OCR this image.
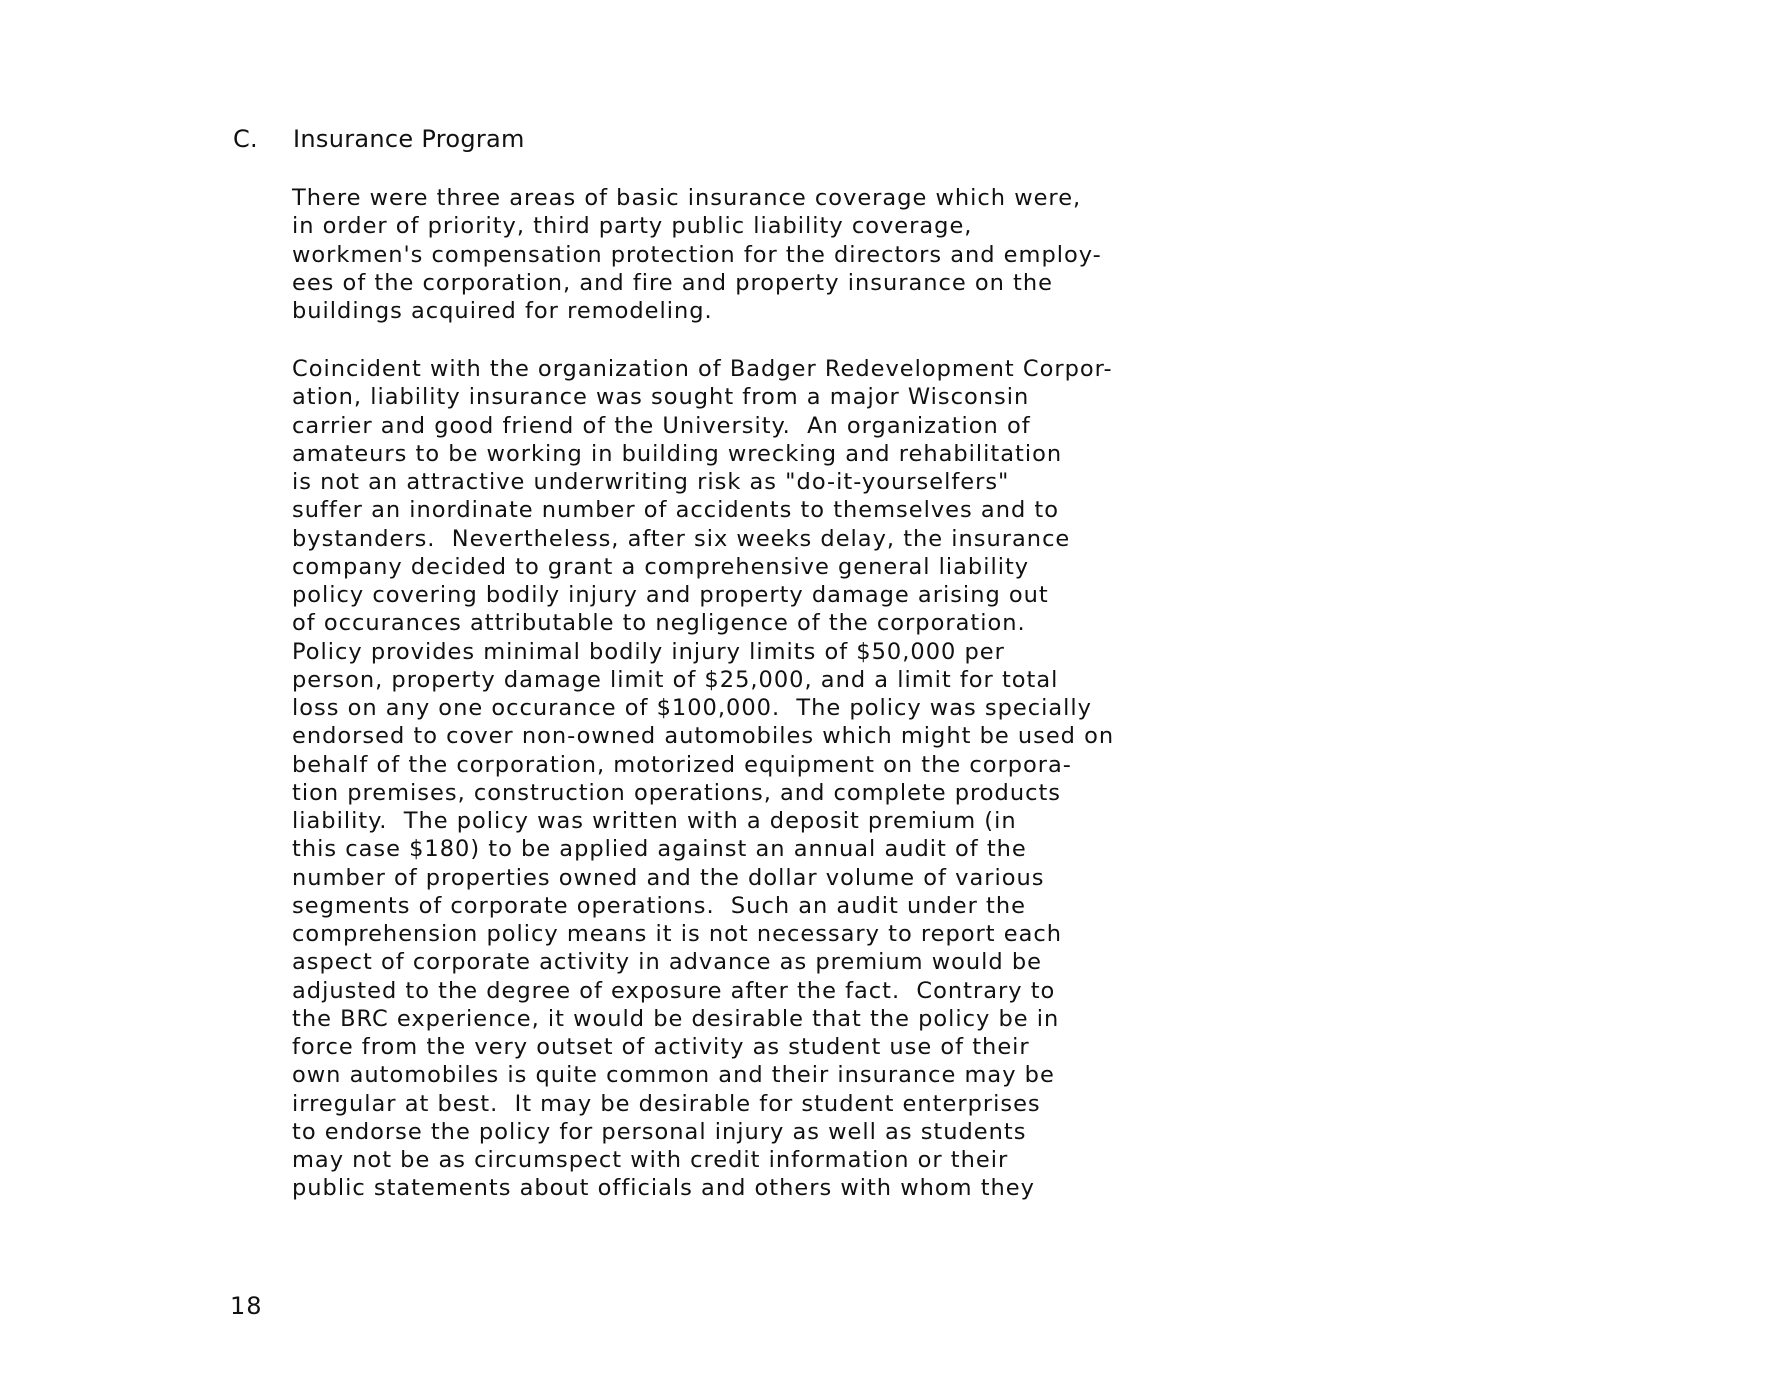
C. Insurance Program

There were three areas of basic insurance coverage which were,
in order of priority, third party public liability coverage,
workmen's compensation protection for the directors and employ-
ees of the corporation, and fire and property insurance on the
buildings acquired for remodeling.

Coincident with the organization of Badger Redevelopment Corpor-
ation, liability insurance was sought from a major Wisconsin
carrier and good friend of the University.  An organization of
amateurs to be working in building wrecking and rehabilitation
is not an attractive underwriting risk as "do-it-yourselfers"
suffer an inordinate number of accidents to themselves and to
bystanders.  Nevertheless, after six weeks delay, the insurance
company decided to grant a comprehensive general liability
policy covering bodily injury and property damage arising out
of occurances attributable to negligence of the corporation.
Policy provides minimal bodily injury limits of $50,000 per
person, property damage limit of $25,000, and a limit for total
loss on any one occurance of $100,000.  The policy was specially
endorsed to cover non-owned automobiles which might be used on
behalf of the corporation, motorized equipment on the corpora-
tion premises, construction operations, and complete products
liability.  The policy was written with a deposit premium (in
this case $180) to be applied against an annual audit of the
number of properties owned and the dollar volume of various
segments of corporate operations.  Such an audit under the
comprehension policy means it is not necessary to report each
aspect of corporate activity in advance as premium would be
adjusted to the degree of exposure after the fact.  Contrary to
the BRC experience, it would be desirable that the policy be in
force from the very outset of activity as student use of their
own automobiles is quite common and their insurance may be
irregular at best.  It may be desirable for student enterprises
to endorse the policy for personal injury as well as students
may not be as circumspect with credit information or their
public statements about officials and others with whom they

18
